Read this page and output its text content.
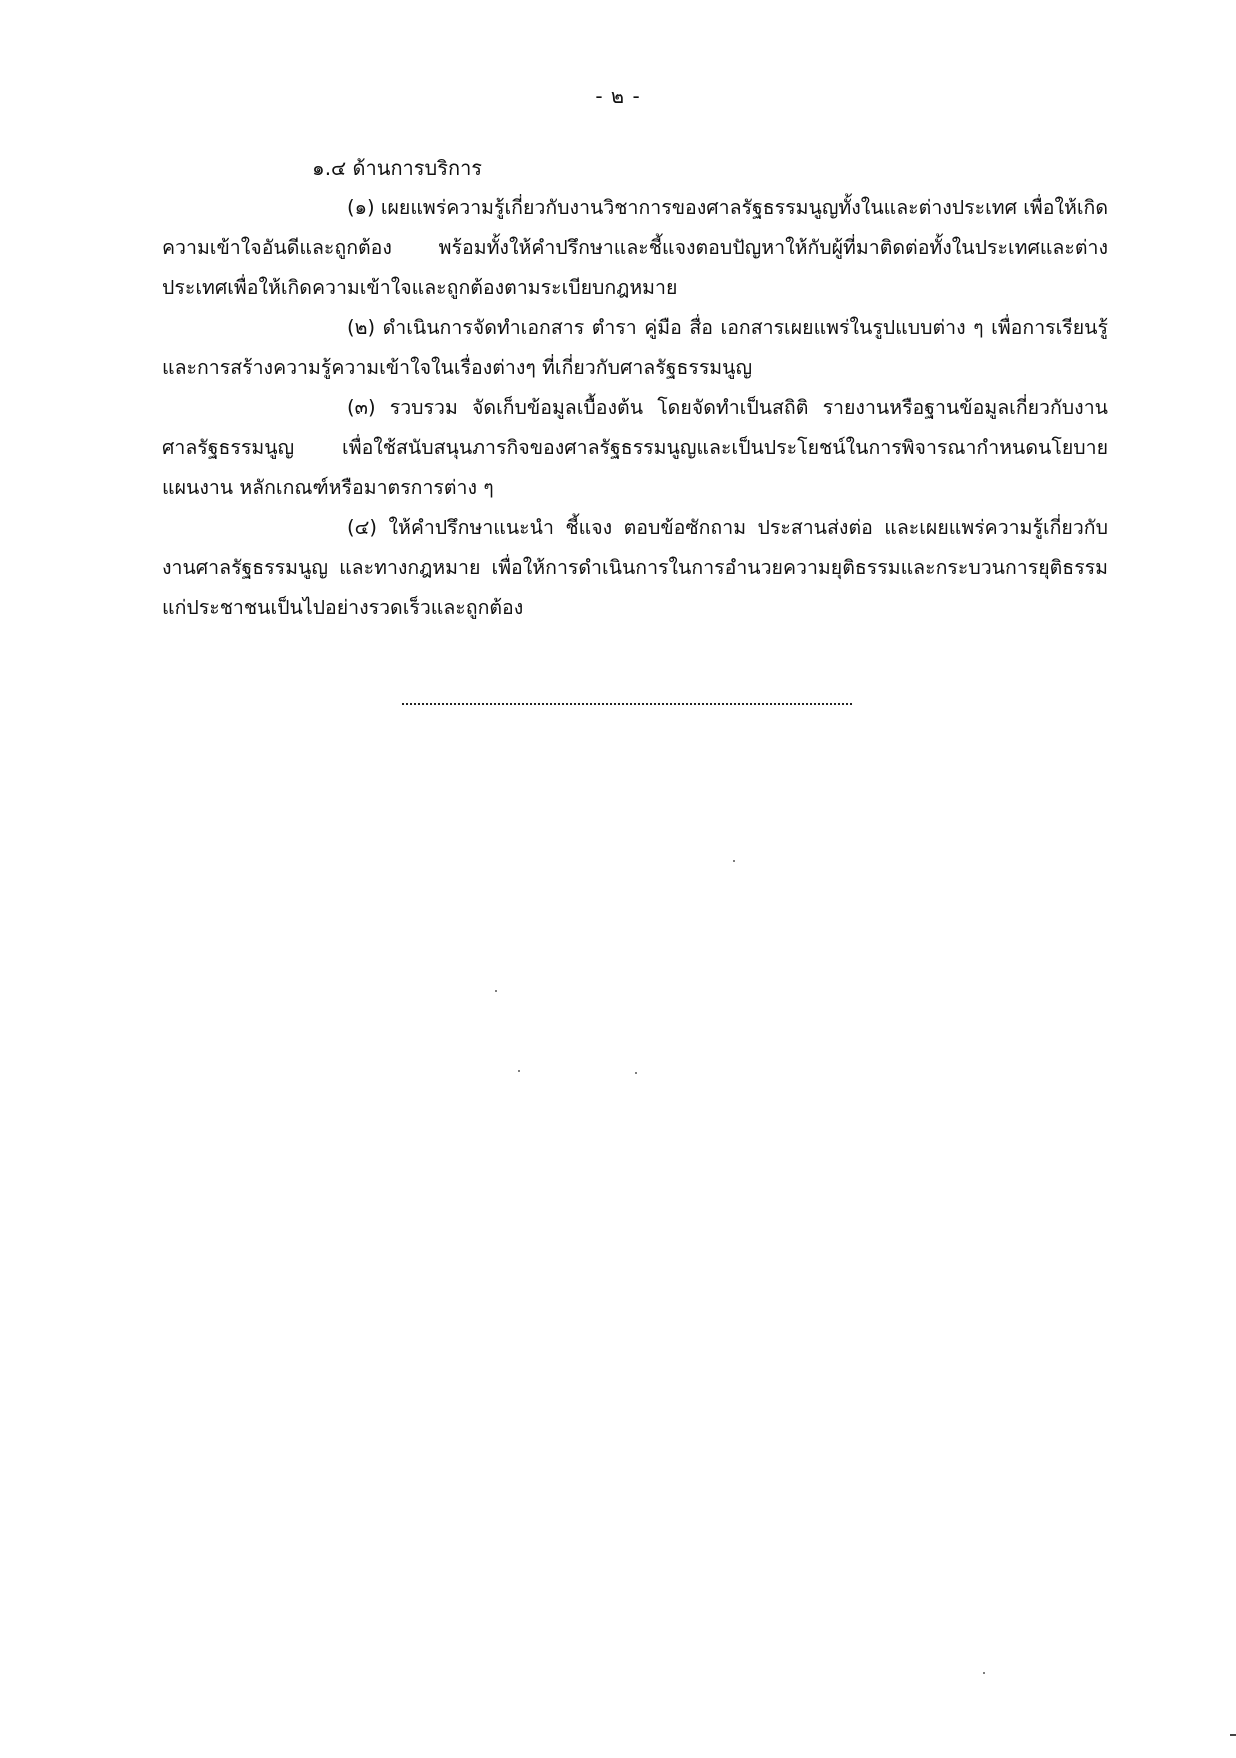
- ๒ -

๑.๔ ด้านการบริการ

(๑) เผยแพร่ความรู้เกี่ยวกับงานวิชาการของศาลรัฐธรรมนูญทั้งในและต่างประเทศ เพื่อให้เกิดความเข้าใจอันดีและถูกต้อง พร้อมทั้งให้คำปรึกษาและชี้แจงตอบปัญหาให้กับผู้ที่มาติดต่อทั้งในประเทศและต่างประเทศเพื่อให้เกิดความเข้าใจและถูกต้องตามระเบียบกฎหมาย

(๒) ดำเนินการจัดทำเอกสาร ตำรา คู่มือ สื่อ เอกสารเผยแพร่ในรูปแบบต่าง ๆ เพื่อการเรียนรู้และการสร้างความรู้ความเข้าใจในเรื่องต่างๆ ที่เกี่ยวกับศาลรัฐธรรมนูญ

(๓) รวบรวม จัดเก็บข้อมูลเบื้องต้น โดยจัดทำเป็นสถิติ รายงานหรือฐานข้อมูลเกี่ยวกับงานศาลรัฐธรรมนูญ เพื่อใช้สนับสนุนภารกิจของศาลรัฐธรรมนูญและเป็นประโยชน์ในการพิจารณากำหนดนโยบาย แผนงาน หลักเกณฑ์หรือมาตรการต่าง ๆ

(๔) ให้คำปรึกษาแนะนำ ชี้แจง ตอบข้อซักถาม ประสานส่งต่อ และเผยแพร่ความรู้เกี่ยวกับงานศาลรัฐธรรมนูญ และทางกฎหมาย เพื่อให้การดำเนินการในการอำนวยความยุติธรรมและกระบวนการยุติธรรมแก่ประชาชนเป็นไปอย่างรวดเร็วและถูกต้อง
